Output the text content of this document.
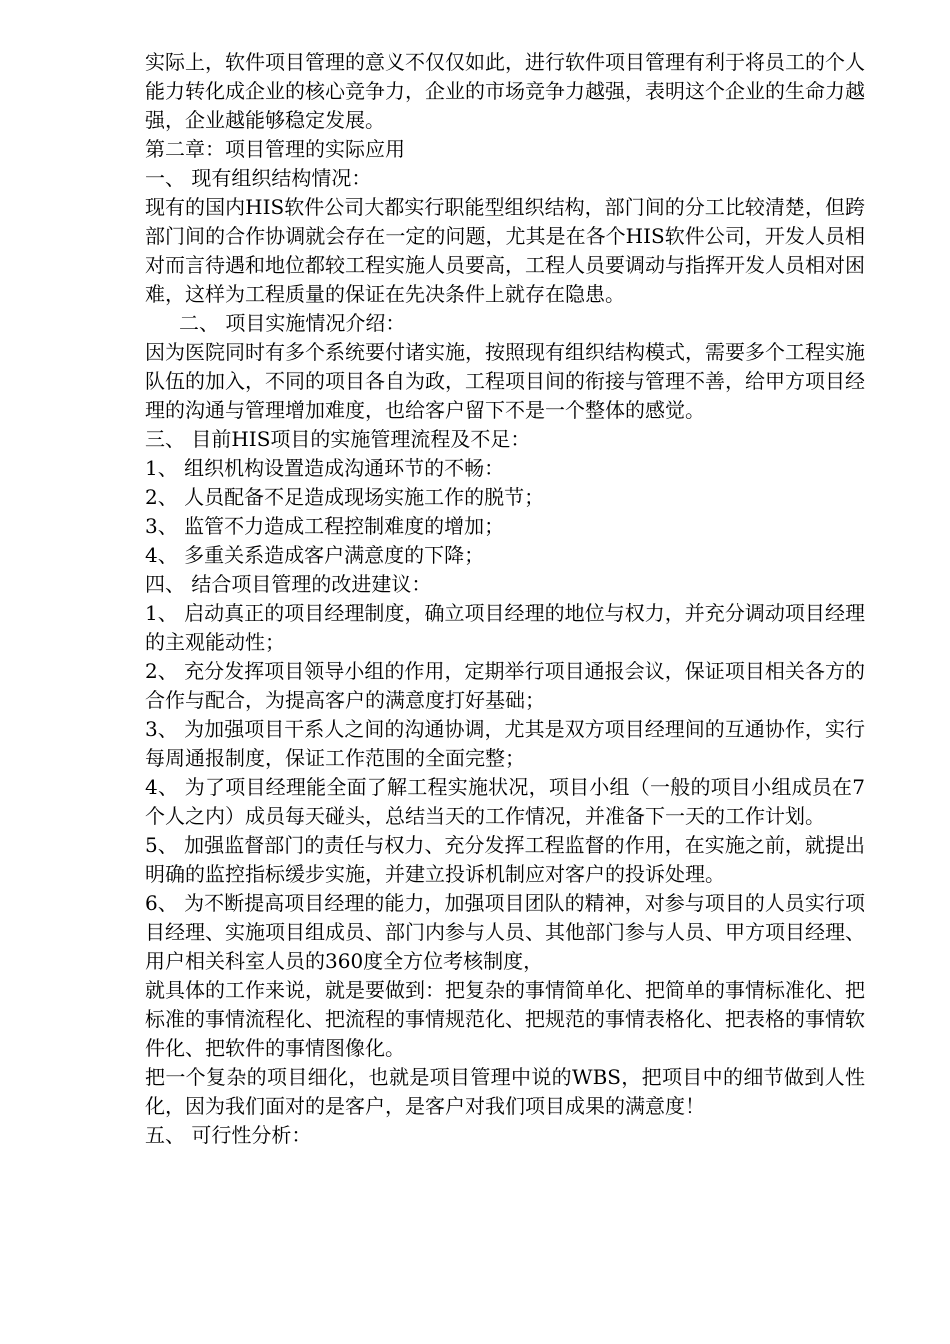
实际上，软件项目管理的意义不仅仅如此，进行软件项目管理有利于将员工的个人能力转化成企业的核心竞争力，企业的市场竞争力越强，表明这个企业的生命力越强，企业越能够稳定发展。

第二章：项目管理的实际应用

一、 现有组织结构情况：

现有的国内HIS软件公司大都实行职能型组织结构，部门间的分工比较清楚，但跨部门间的合作协调就会存在一定的问题，尤其是在各个HIS软件公司，开发人员相对而言待遇和地位都较工程实施人员要高，工程人员要调动与指挥开发人员相对困难，这样为工程质量的保证在先决条件上就存在隐患。

二、 项目实施情况介绍：

因为医院同时有多个系统要付诸实施，按照现有组织结构模式，需要多个工程实施队伍的加入，不同的项目各自为政，工程项目间的衔接与管理不善，给甲方项目经理的沟通与管理增加难度，也给客户留下不是一个整体的感觉。

三、 目前HIS项目的实施管理流程及不足：

1、 组织机构设置造成沟通环节的不畅：

2、 人员配备不足造成现场实施工作的脱节；

3、 监管不力造成工程控制难度的增加；

4、 多重关系造成客户满意度的下降；

四、 结合项目管理的改进建议：

1、 启动真正的项目经理制度，确立项目经理的地位与权力，并充分调动项目经理的主观能动性；

2、 充分发挥项目领导小组的作用，定期举行项目通报会议，保证项目相关各方的合作与配合，为提高客户的满意度打好基础；

3、 为加强项目干系人之间的沟通协调，尤其是双方项目经理间的互通协作，实行每周通报制度，保证工作范围的全面完整；

4、 为了项目经理能全面了解工程实施状况，项目小组（一般的项目小组成员在7个人之内）成员每天碰头，总结当天的工作情况，并准备下一天的工作计划。

5、 加强监督部门的责任与权力、充分发挥工程监督的作用，在实施之前，就提出明确的监控指标缓步实施，并建立投诉机制应对客户的投诉处理。

6、 为不断提高项目经理的能力，加强项目团队的精神，对参与项目的人员实行项目经理、实施项目组成员、部门内参与人员、其他部门参与人员、甲方项目经理、用户相关科室人员的360度全方位考核制度，

就具体的工作来说，就是要做到：把复杂的事情简单化、把简单的事情标准化、把标准的事情流程化、把流程的事情规范化、把规范的事情表格化、把表格的事情软件化、把软件的事情图像化。

把一个复杂的项目细化，也就是项目管理中说的WBS，把项目中的细节做到人性化，因为我们面对的是客户，是客户对我们项目成果的满意度！

五、 可行性分析：
